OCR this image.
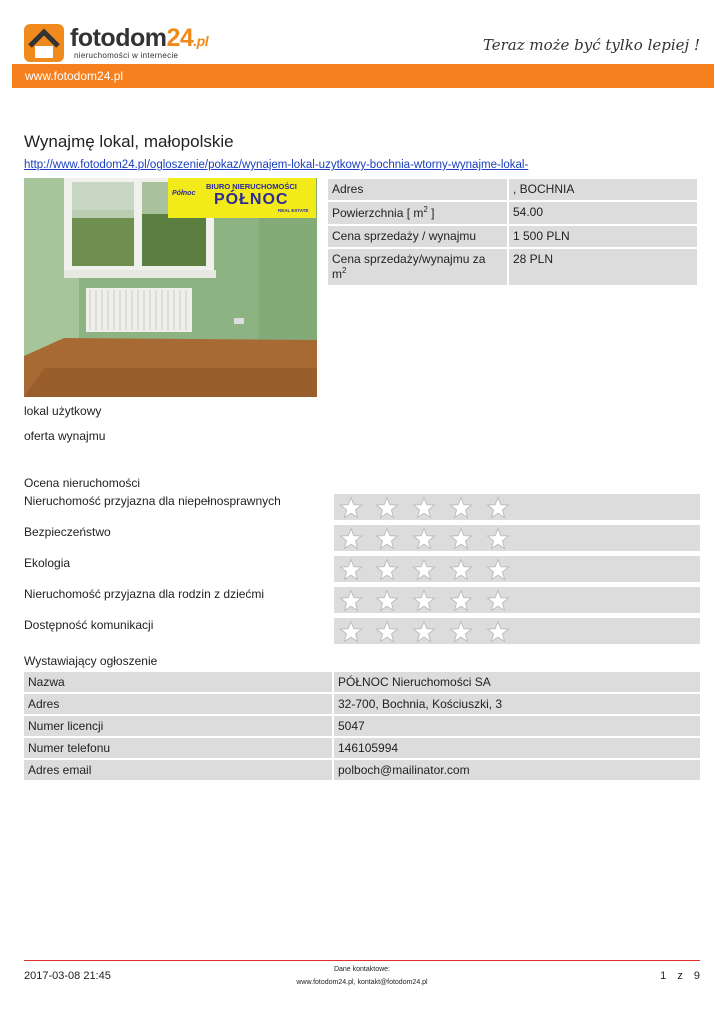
fotodom24.pl
nieruchomości w internecie
Teraz może być tylko lepiej !
www.fotodom24.pl
Wynajmę lokal, małopolskie
http://www.fotodom24.pl/ogloszenie/pokaz/wynajem-lokal-uzytkowy-bochnia-wtorny-wynajme-lokal-
Północ
BIURO NIERUCHOMOŚCI
PÓŁNOC
REAL ESTATE
Adres	, BOCHNIA
Powierzchnia [ $m^2$ ]	54.00
Cena sprzedaży / wynajmu	1 500 PLN
Cena sprzedaży/wynajmu za $m^2$	28 PLN
lokal użytkowy
oferta wynajmu
Ocena nieruchomości
Nieruchomość przyjazna dla niepełnosprawnych
Bezpieczeństwo
Ekologia
Nieruchomość przyjazna dla rodzin z dziećmi
Dostępność komunikacji
Wystawiający ogłoszenie
Nazwa	PÓŁNOC Nieruchomości SA
Adres	32-700, Bochnia, Kościuszki, 3
Numer licencji	5047
Numer telefonu	146105994
Adres email	polboch@mailinator.com
2017-03-08 21:45
Dane kontaktowe:
www.fotodom24.pl, kontakt@fotodom24.pl
1 z 9
